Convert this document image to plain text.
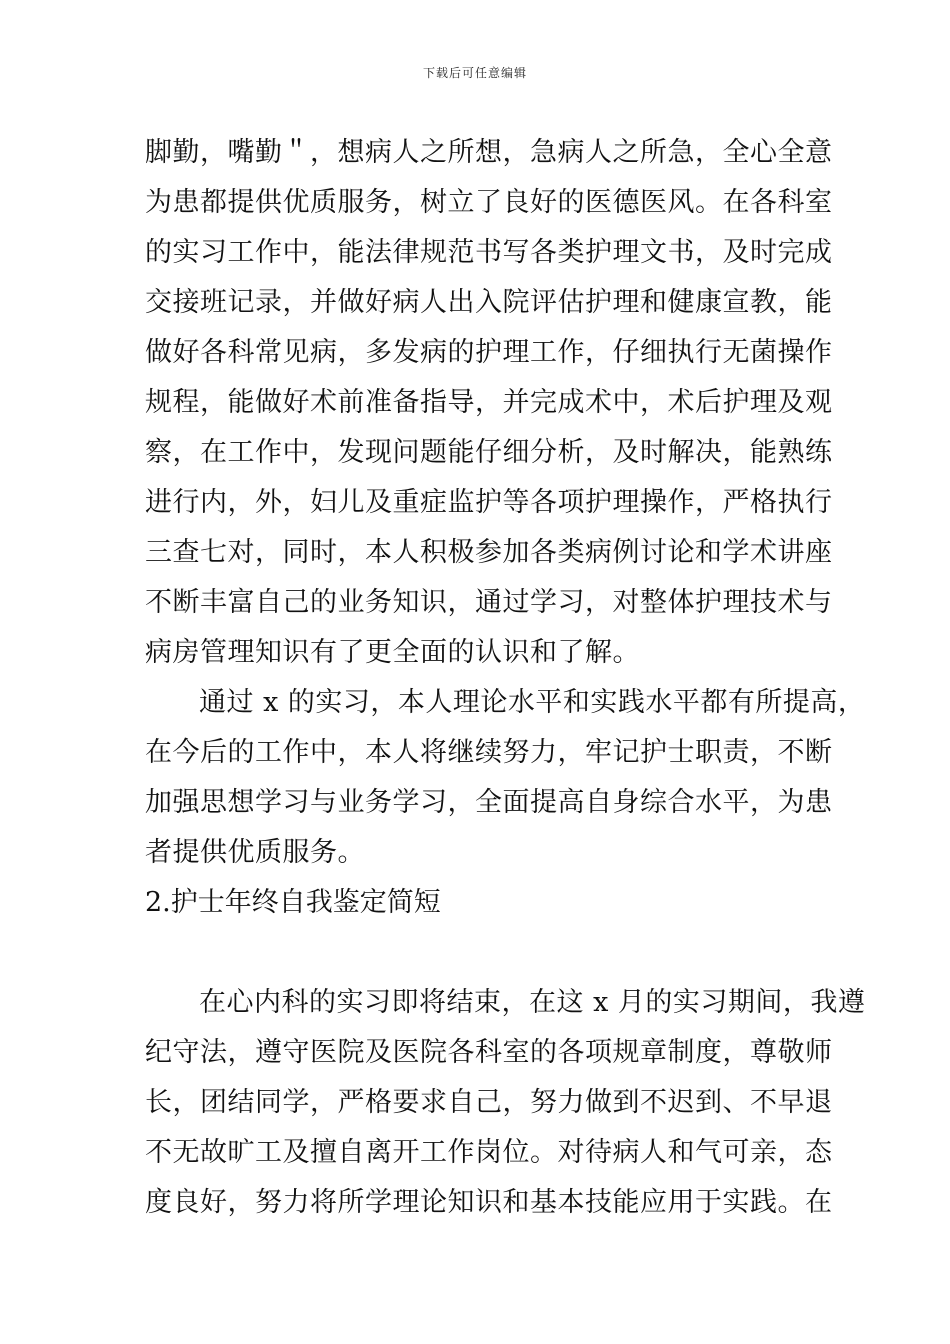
下载后可任意编辑
脚勤，嘴勤＂，想病人之所想，急病人之所急，全心全意
为患都提供优质服务，树立了良好的医德医风。在各科室
的实习工作中，能法律规范书写各类护理文书，及时完成
交接班记录，并做好病人出入院评估护理和健康宣教，能
做好各科常见病，多发病的护理工作，仔细执行无菌操作
规程，能做好术前准备指导，并完成术中，术后护理及观
察，在工作中，发现问题能仔细分析，及时解决，能熟练
进行内，外，妇儿及重症监护等各项护理操作，严格执行
三查七对，同时，本人积极参加各类病例讨论和学术讲座
不断丰富自己的业务知识，通过学习，对整体护理技术与
病房管理知识有了更全面的认识和了解。
通过 x 的实习，本人理论水平和实践水平都有所提高，
在今后的工作中，本人将继续努力，牢记护士职责，不断
加强思想学习与业务学习，全面提高自身综合水平，为患
者提供优质服务。
2.护士年终自我鉴定简短
在心内科的实习即将结束，在这 x 月的实习期间，我遵
纪守法，遵守医院及医院各科室的各项规章制度，尊敬师
长，团结同学，严格要求自己，努力做到不迟到、不早退
不无故旷工及擅自离开工作岗位。对待病人和气可亲，态
度良好，努力将所学理论知识和基本技能应用于实践。在
